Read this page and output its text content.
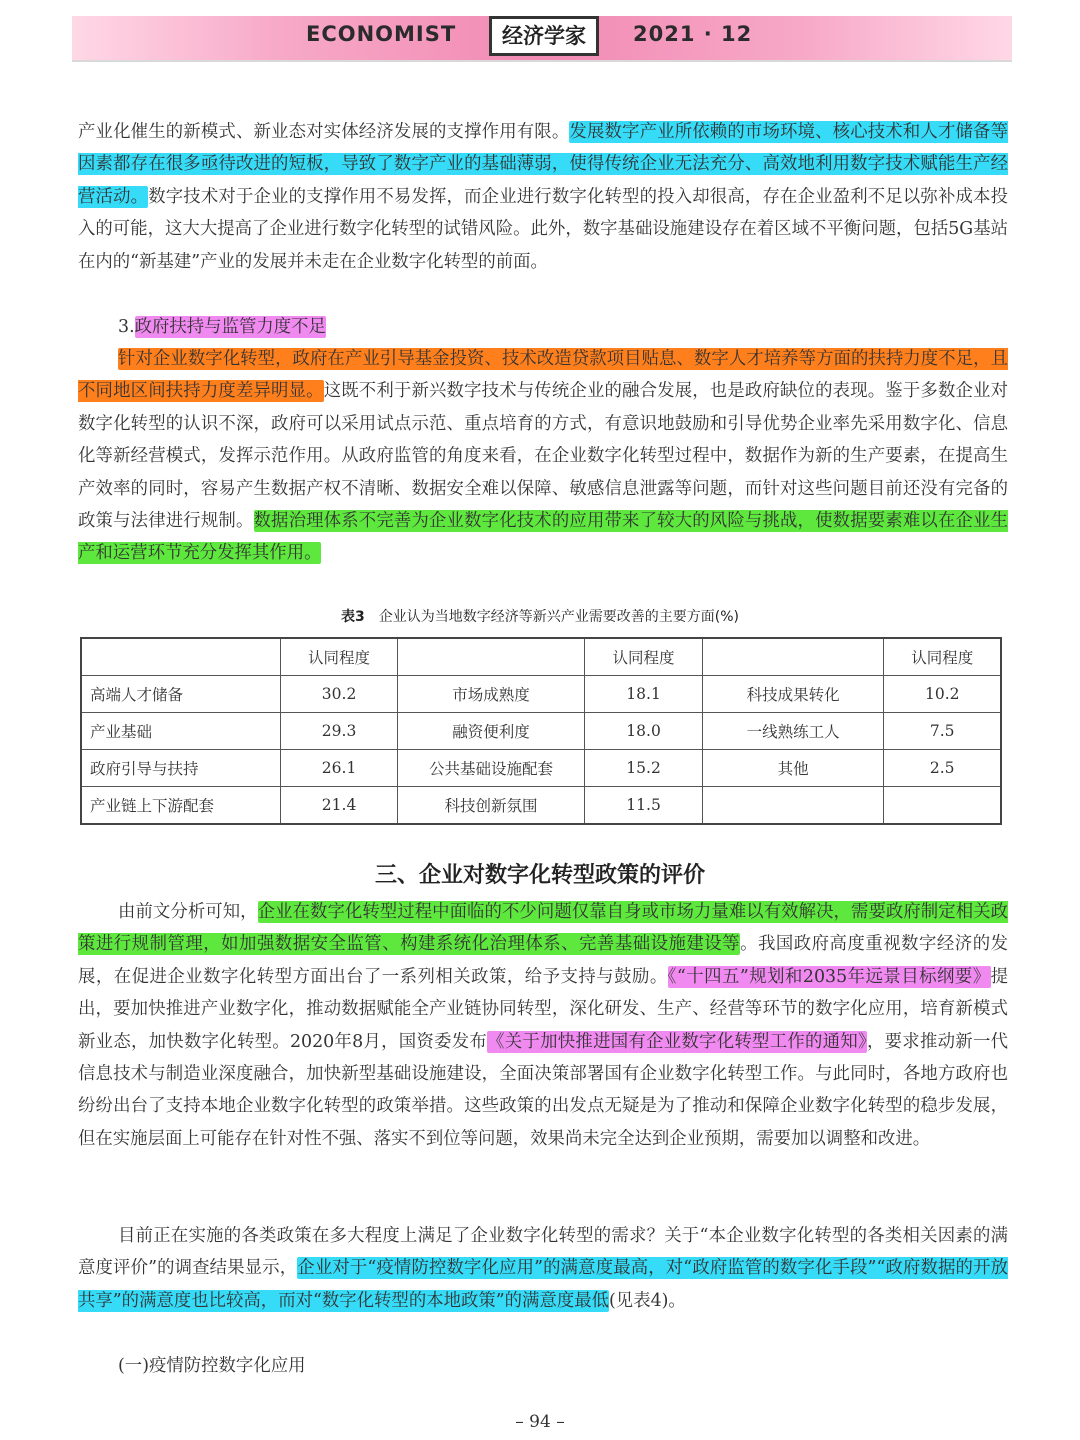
ECONOMIST	经济学家	2021 · 12
产业化催生的新模式、新业态对实体经济发展的支撑作用有限。发展数字产业所依赖的市场环境、核心技术和人才储备等因素都存在很多亟待改进的短板，导致了数字产业的基础薄弱，使得传统企业无法充分、高效地利用数字技术赋能生产经营活动。数字技术对于企业的支撑作用不易发挥，而企业进行数字化转型的投入却很高，存在企业盈利不足以弥补成本投入的可能，这大大提高了企业进行数字化转型的试错风险。此外，数字基础设施建设存在着区域不平衡问题，包括5G基站在内的“新基建”产业的发展并未走在企业数字化转型的前面。
3.政府扶持与监管力度不足
针对企业数字化转型，政府在产业引导基金投资、技术改造贷款项目贴息、数字人才培养等方面的扶持力度不足，且不同地区间扶持力度差异明显。这既不利于新兴数字技术与传统企业的融合发展，也是政府缺位的表现。鉴于多数企业对数字化转型的认识不深，政府可以采用试点示范、重点培育的方式，有意识地鼓励和引导优势企业率先采用数字化、信息化等新经营模式，发挥示范作用。从政府监管的角度来看，在企业数字化转型过程中，数据作为新的生产要素，在提高生产效率的同时，容易产生数据产权不清晰、数据安全难以保障、敏感信息泄露等问题，而针对这些问题目前还没有完备的政策与法律进行规制。数据治理体系不完善为企业数字化技术的应用带来了较大的风险与挑战，使数据要素难以在企业生产和运营环节充分发挥其作用。
表3 企业认为当地数字经济等新兴产业需要改善的主要方面(%)
	认同程度		认同程度		认同程度
高端人才储备	30.2	市场成熟度	18.1	科技成果转化	10.2
产业基础	29.3	融资便利度	18.0	一线熟练工人	7.5
政府引导与扶持	26.1	公共基础设施配套	15.2	其他	2.5
产业链上下游配套	21.4	科技创新氛围	11.5		
三、企业对数字化转型政策的评价
由前文分析可知，企业在数字化转型过程中面临的不少问题仅靠自身或市场力量难以有效解决，需要政府制定相关政策进行规制管理，如加强数据安全监管、构建系统化治理体系、完善基础设施建设等。我国政府高度重视数字经济的发展，在促进企业数字化转型方面出台了一系列相关政策，给予支持与鼓励。《“十四五”规划和2035年远景目标纲要》提出，要加快推进产业数字化，推动数据赋能全产业链协同转型，深化研发、生产、经营等环节的数字化应用，培育新模式新业态，加快数字化转型。2020年8月，国资委发布《关于加快推进国有企业数字化转型工作的通知》，要求推动新一代信息技术与制造业深度融合，加快新型基础设施建设，全面决策部署国有企业数字化转型工作。与此同时，各地方政府也纷纷出台了支持本地企业数字化转型的政策举措。这些政策的出发点无疑是为了推动和保障企业数字化转型的稳步发展，但在实施层面上可能存在针对性不强、落实不到位等问题，效果尚未完全达到企业预期，需要加以调整和改进。
目前正在实施的各类政策在多大程度上满足了企业数字化转型的需求？关于“本企业数字化转型的各类相关因素的满意度评价”的调查结果显示，企业对于“疫情防控数字化应用”的满意度最高，对“政府监管的数字化手段”“政府数据的开放共享”的满意度也比较高，而对“数字化转型的本地政策”的满意度最低(见表4)。
(一)疫情防控数字化应用
– 94 –
